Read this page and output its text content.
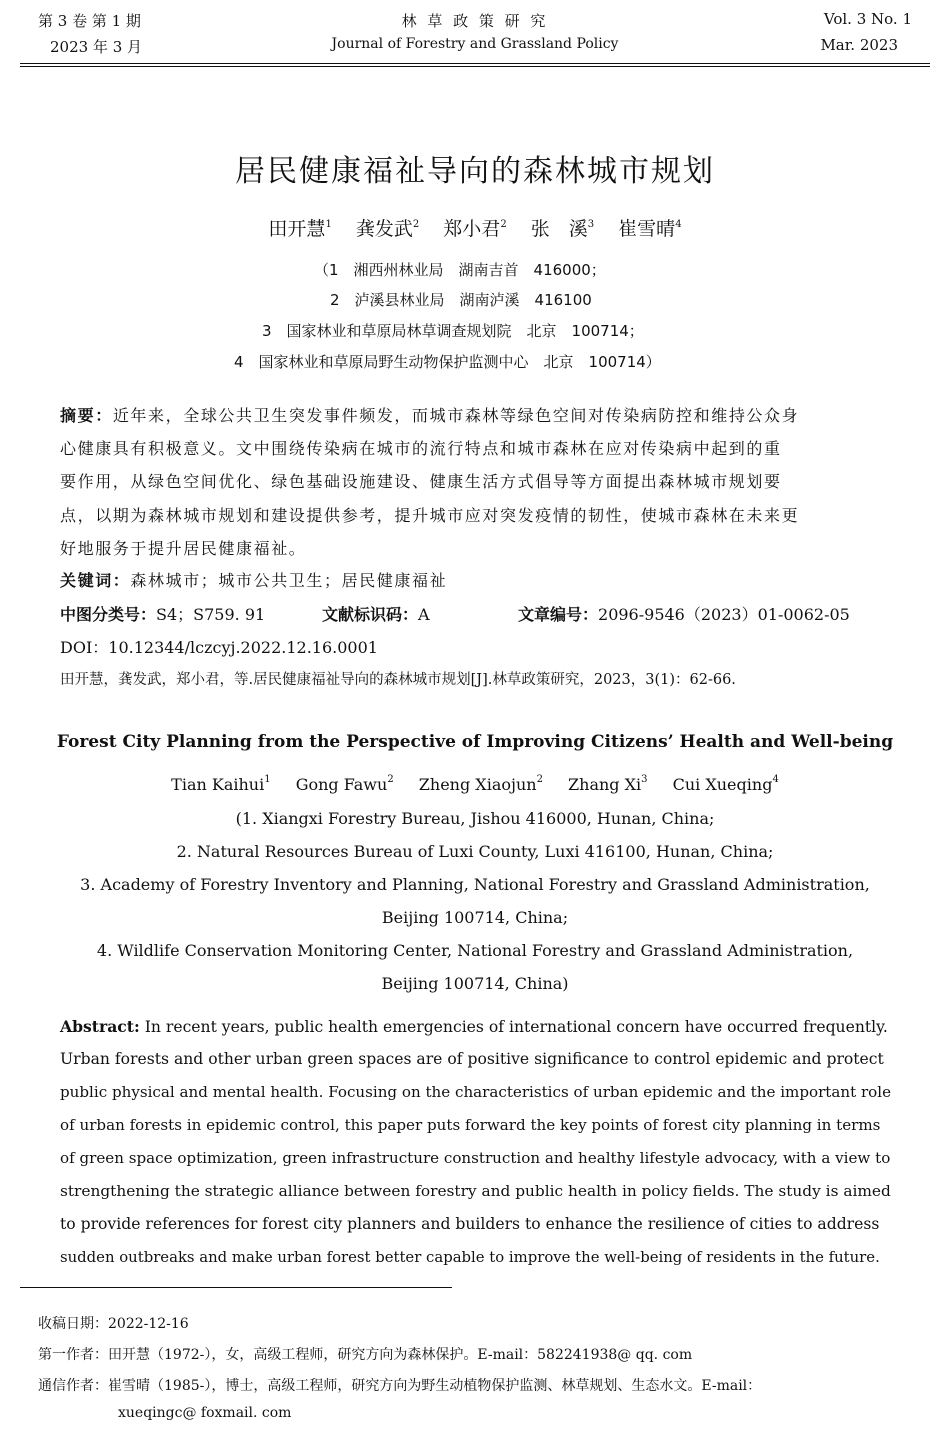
第 3 卷 第 1 期
2023 年 3 月
林 草 政 策 研 究
Journal of Forestry and Grassland Policy
Vol. 3 No. 1
Mar. 2023
居民健康福祉导向的森林城市规划
田开慧$^1$ 龚发武$^2$ 郑小君$^2$ 张　溪$^3$ 崔雪晴$^4$
（1　湘西州林业局　湖南吉首　416000；
2　泸溪县林业局　湖南泸溪　416100
3　国家林业和草原局林草调查规划院　北京　100714；
4　国家林业和草原局野生动物保护监测中心　北京　100714）
摘要：近年来，全球公共卫生突发事件频发，而城市森林等绿色空间对传染病防控和维持公众身
心健康具有积极意义。文中围绕传染病在城市的流行特点和城市森林在应对传染病中起到的重
要作用，从绿色空间优化、绿色基础设施建设、健康生活方式倡导等方面提出森林城市规划要
点，以期为森林城市规划和建设提供参考，提升城市应对突发疫情的韧性，使城市森林在未来更
好地服务于提升居民健康福祉。
关键词：森林城市；城市公共卫生；居民健康福祉
中图分类号：S4；S759. 91	文献标识码：A	文章编号：2096-9546（2023）01-0062-05
DOI：10.12344/lczcyj.2022.12.16.0001
田开慧，龚发武，郑小君，等.居民健康福祉导向的森林城市规划[J].林草政策研究，2023，3(1)：62-66.
Forest City Planning from the Perspective of Improving Citizens’ Health and Well-being
Tian Kaihui$^1$ Gong Fawu$^2$ Zheng Xiaojun$^2$ Zhang Xi$^3$ Cui Xueqing$^4$
(1. Xiangxi Forestry Bureau, Jishou 416000, Hunan, China;
2. Natural Resources Bureau of Luxi County, Luxi 416100, Hunan, China;
3. Academy of Forestry Inventory and Planning, National Forestry and Grassland Administration,
Beijing 100714, China;
4. Wildlife Conservation Monitoring Center, National Forestry and Grassland Administration,
Beijing 100714, China)
Abstract: In recent years, public health emergencies of international concern have occurred frequently.
Urban forests and other urban green spaces are of positive significance to control epidemic and protect
public physical and mental health. Focusing on the characteristics of urban epidemic and the important role
of urban forests in epidemic control, this paper puts forward the key points of forest city planning in terms
of green space optimization, green infrastructure construction and healthy lifestyle advocacy, with a view to
strengthening the strategic alliance between forestry and public health in policy fields. The study is aimed
to provide references for forest city planners and builders to enhance the resilience of cities to address
sudden outbreaks and make urban forest better capable to improve the well-being of residents in the future.
收稿日期：2022-12-16
第一作者：田开慧（1972-），女，高级工程师，研究方向为森林保护。E-mail：582241938@ qq. com
通信作者：崔雪晴（1985-），博士，高级工程师，研究方向为野生动植物保护监测、林草规划、生态水文。E-mail：
xueqingc@ foxmail. com
